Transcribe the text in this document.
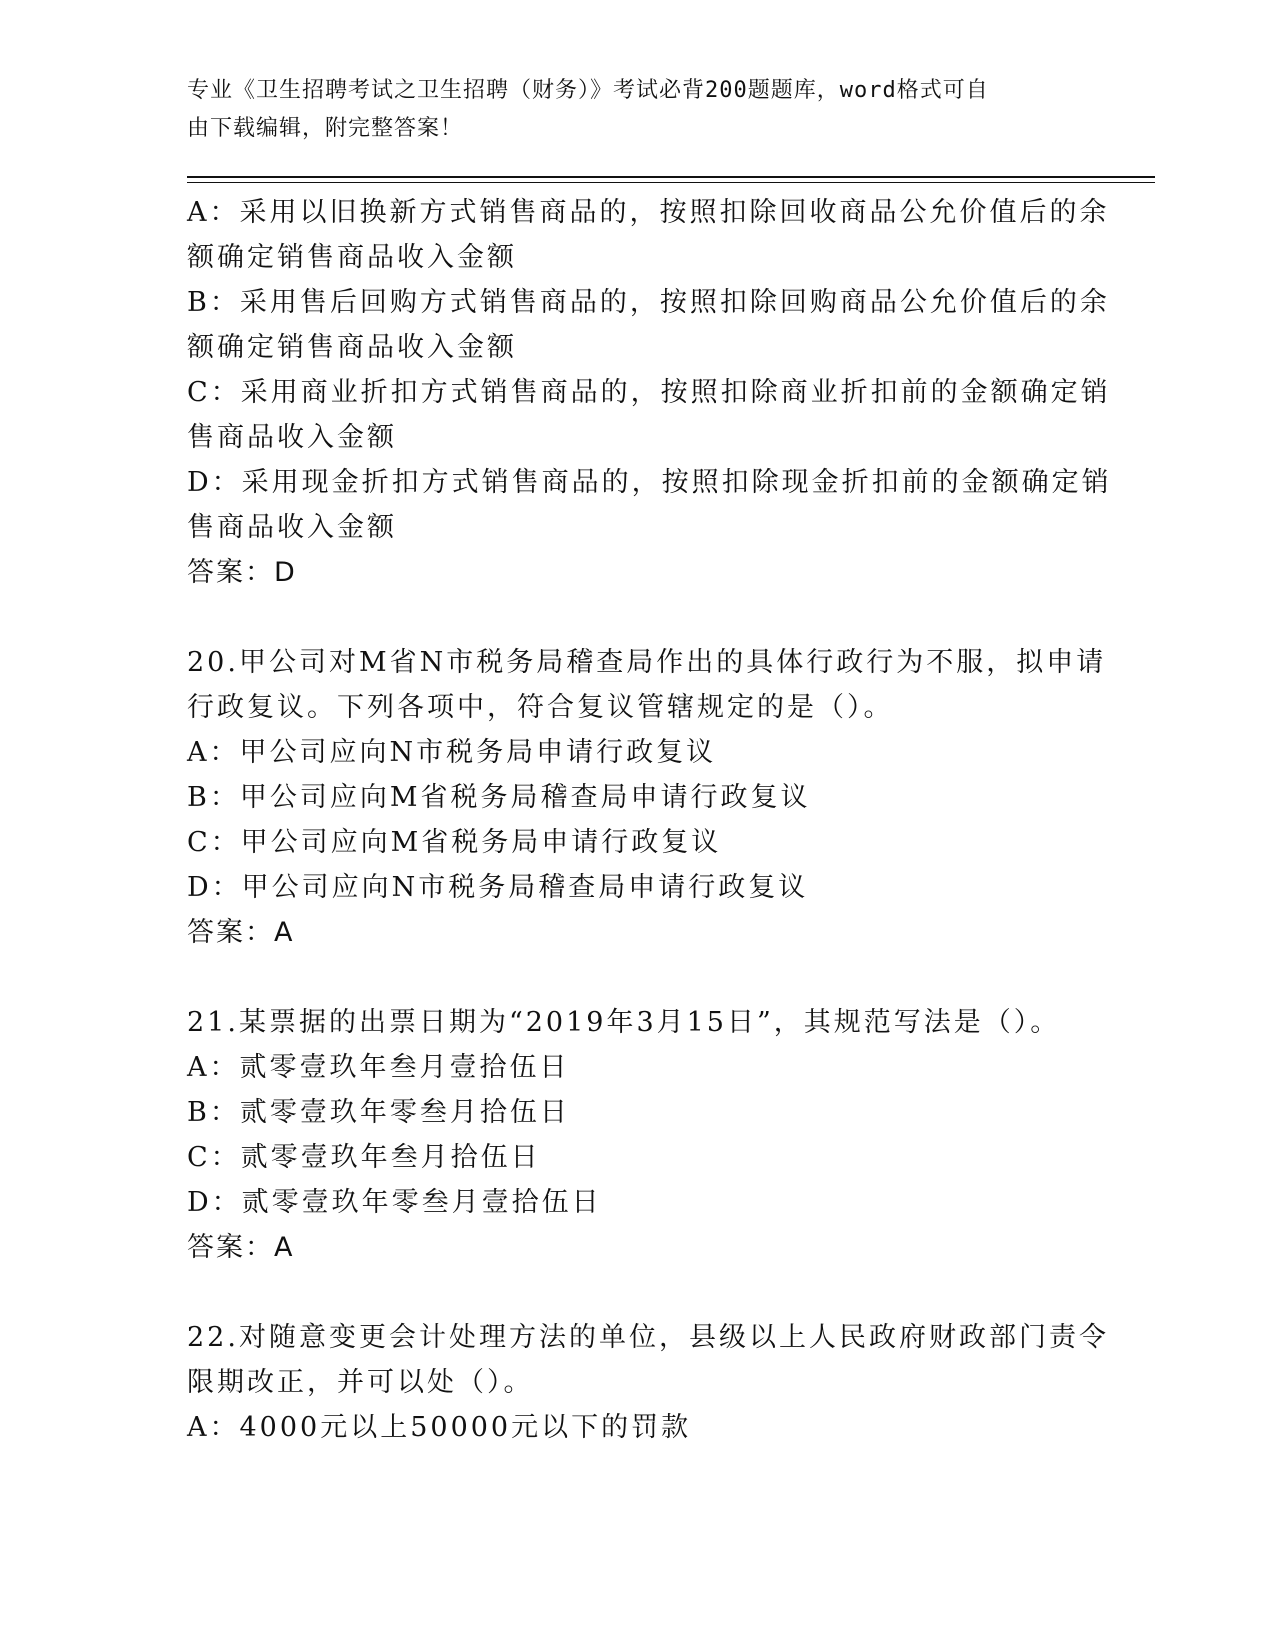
专业《卫生招聘考试之卫生招聘（财务）》考试必背200题题库，word格式可自
由下载编辑，附完整答案！
A：采用以旧换新方式销售商品的，按照扣除回收商品公允价值后的余
额确定销售商品收入金额
B：采用售后回购方式销售商品的，按照扣除回购商品公允价值后的余
额确定销售商品收入金额
C：采用商业折扣方式销售商品的，按照扣除商业折扣前的金额确定销
售商品收入金额
D：采用现金折扣方式销售商品的，按照扣除现金折扣前的金额确定销
售商品收入金额
答案：D
20.甲公司对M省N市税务局稽查局作出的具体行政行为不服，拟申请
行政复议。下列各项中，符合复议管辖规定的是（）。
A：甲公司应向N市税务局申请行政复议
B：甲公司应向M省税务局稽查局申请行政复议
C：甲公司应向M省税务局申请行政复议
D：甲公司应向N市税务局稽查局申请行政复议
答案：A
21.某票据的出票日期为“2019年3月15日”，其规范写法是（）。
A：贰零壹玖年叁月壹拾伍日
B：贰零壹玖年零叁月拾伍日
C：贰零壹玖年叁月拾伍日
D：贰零壹玖年零叁月壹拾伍日
答案：A
22.对随意变更会计处理方法的单位，县级以上人民政府财政部门责令
限期改正，并可以处（）。
A：4000元以上50000元以下的罚款
